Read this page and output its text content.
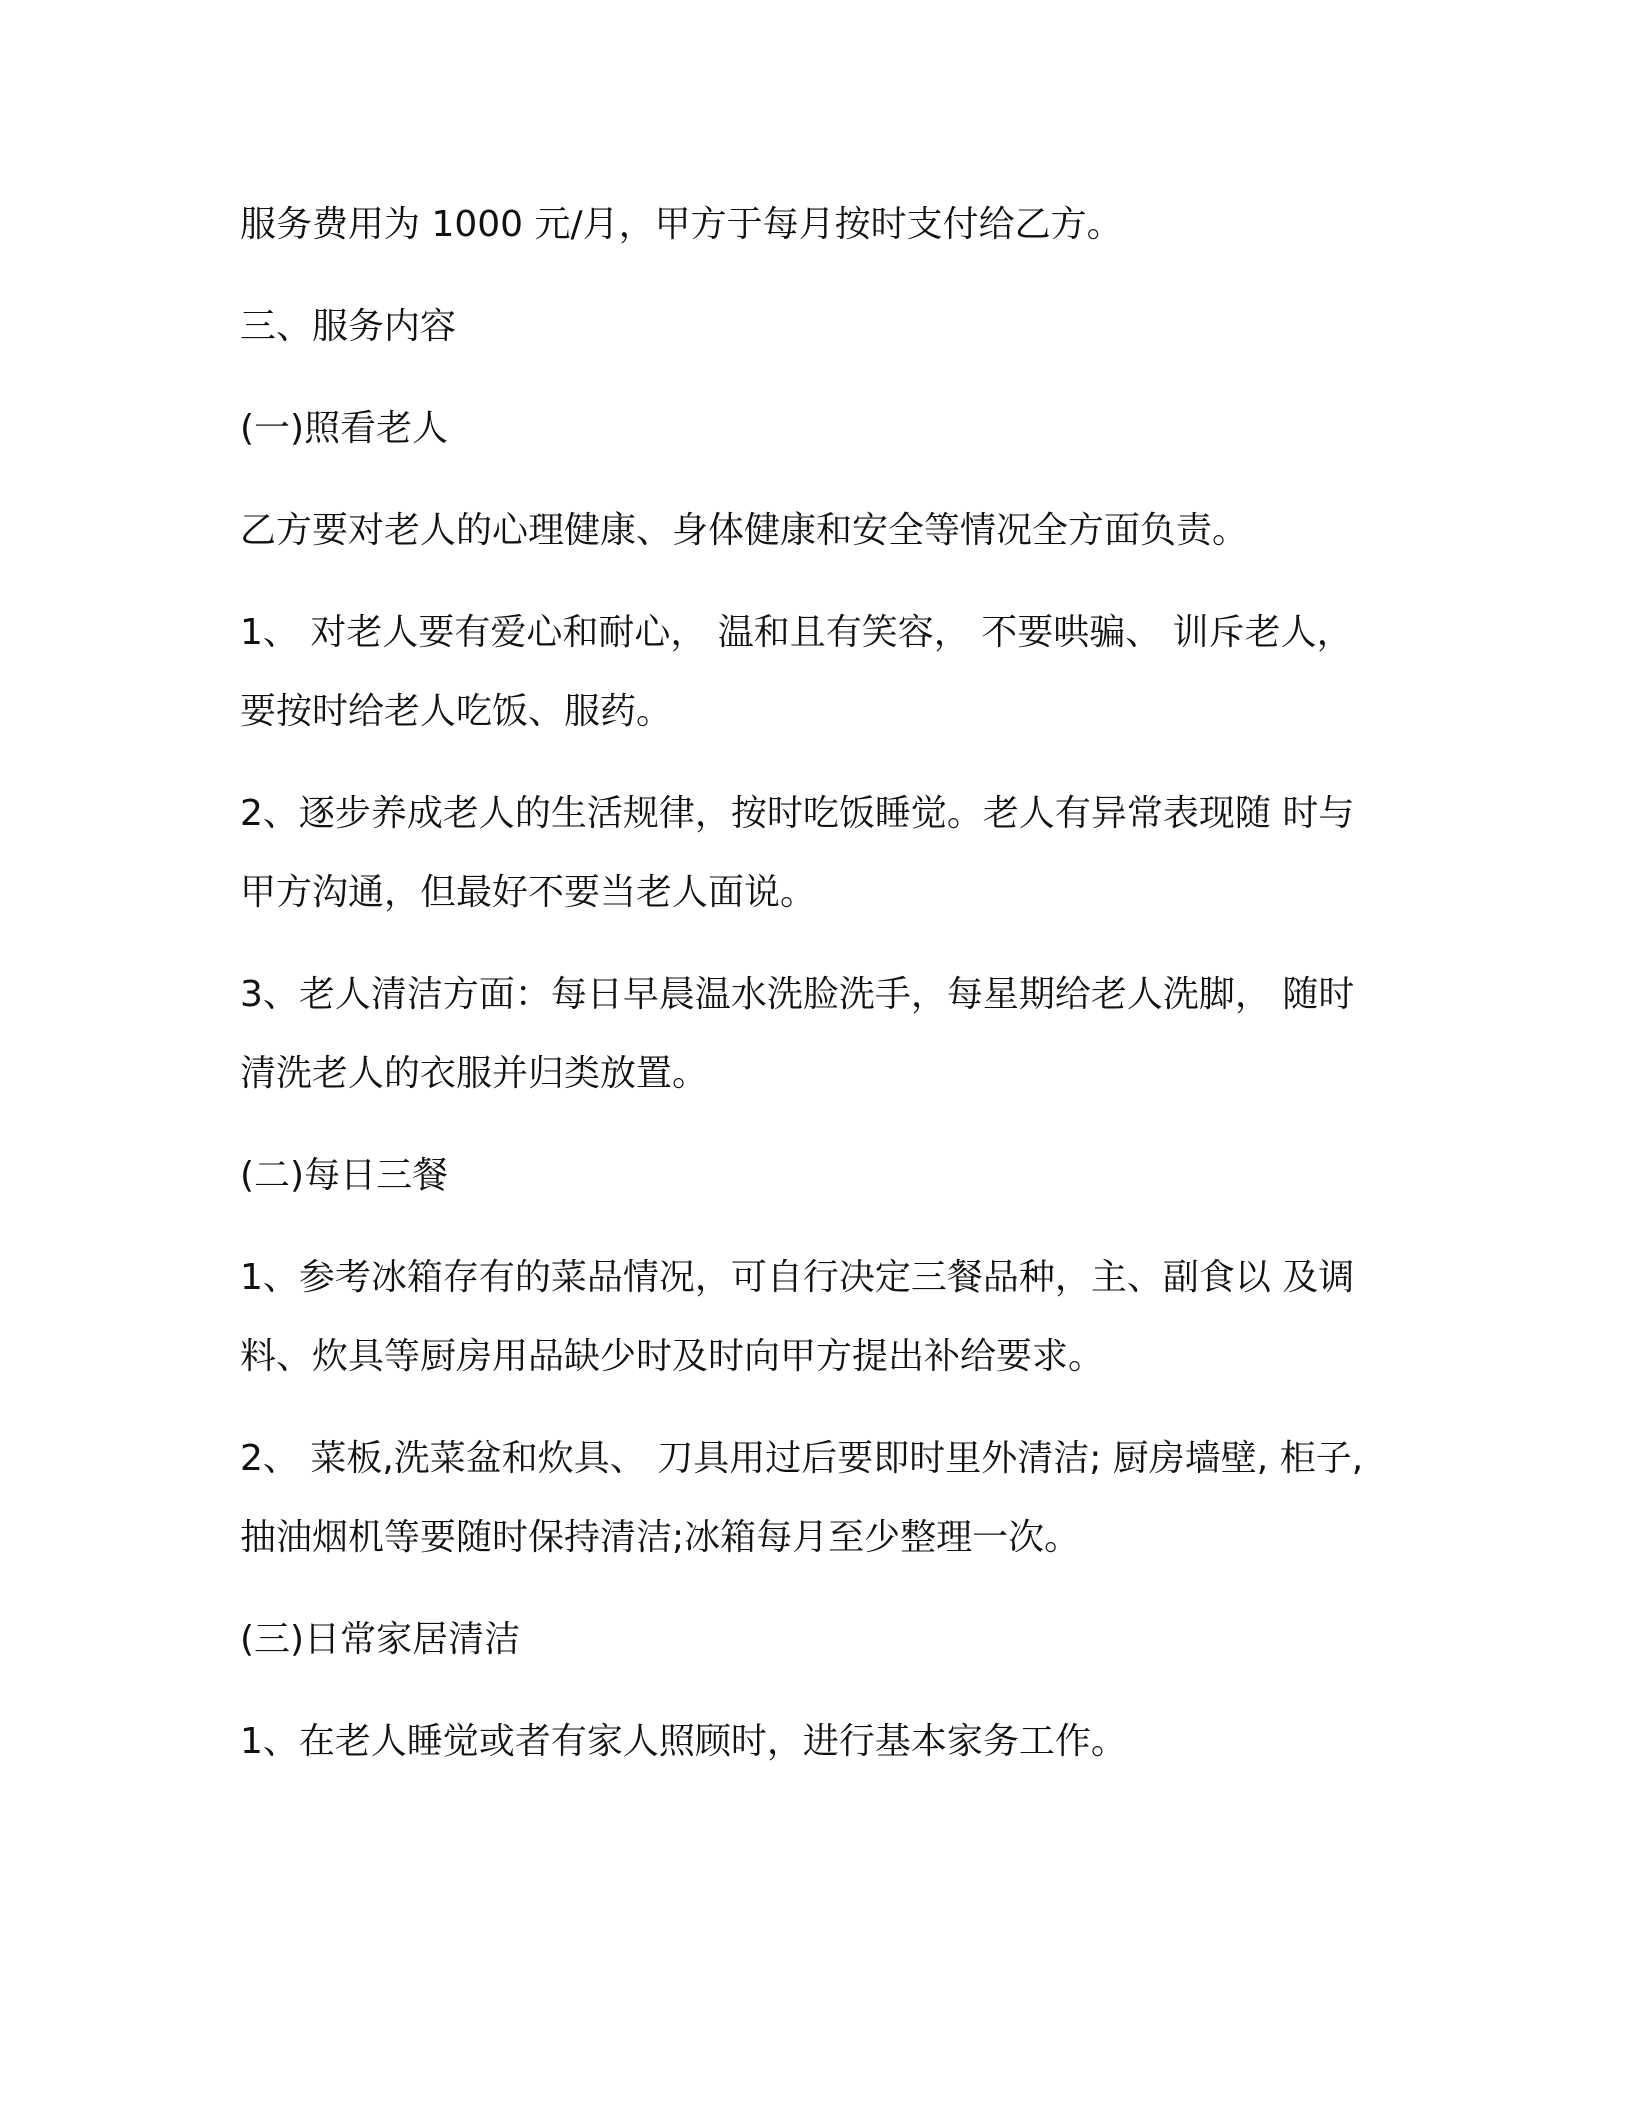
服务费用为 1000 元/月，甲方于每月按时支付给乙方。

三、服务内容

(一)照看老人

乙方要对老人的心理健康、身体健康和安全等情况全方面负责。

1、 对老人要有爱心和耐心， 温和且有笑容， 不要哄骗、 训斥老人，
要按时给老人吃饭、服药。

2、逐步养成老人的生活规律，按时吃饭睡觉。老人有异常表现随 时与
甲方沟通，但最好不要当老人面说。

3、老人清洁方面：每日早晨温水洗脸洗手，每星期给老人洗脚， 随时
清洗老人的衣服并归类放置。

(二)每日三餐

1、参考冰箱存有的菜品情况，可自行决定三餐品种，主、副食以 及调
料、炊具等厨房用品缺少时及时向甲方提出补给要求。

2、 菜板,洗菜盆和炊具、 刀具用过后要即时里外清洁; 厨房墙壁, 柜子,
抽油烟机等要随时保持清洁;冰箱每月至少整理一次。

(三)日常家居清洁

1、在老人睡觉或者有家人照顾时，进行基本家务工作。
